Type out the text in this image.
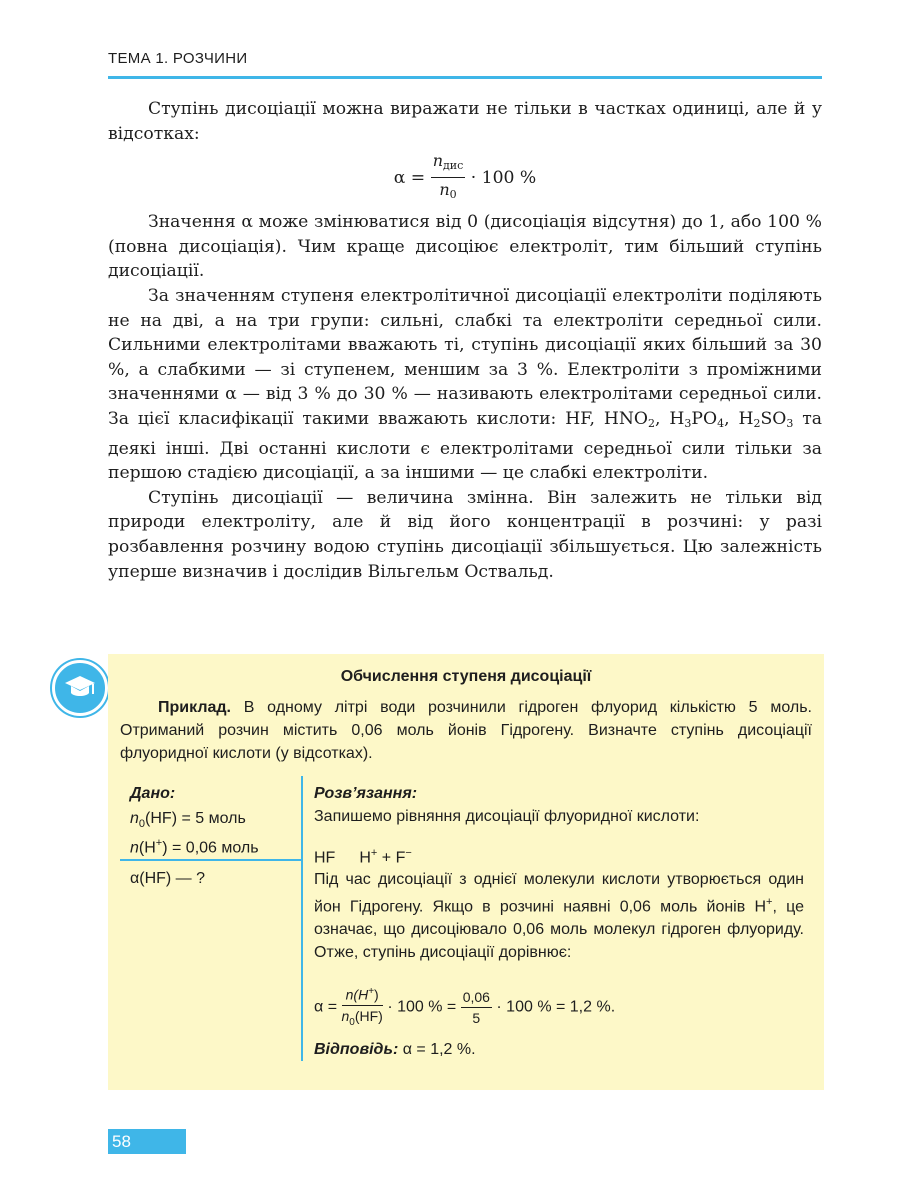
ТЕМА 1. РОЗЧИНИ

Ступінь дисоціації можна виражати не тільки в частках одиниці, але й у відсотках:

$\alpha = \frac{n_{дис}}{n_0} \cdot 100$ %

Значення α може змінюватися від 0 (дисоціація відсутня) до 1, або 100 % (повна дисоціація). Чим краще дисоціює електроліт, тим більший ступінь дисоціації.

За значенням ступеня електролітичної дисоціації електроліти поділяють не на дві, а на три групи: сильні, слабкі та електроліти середньої сили. Сильними електролітами вважають ті, ступінь дисоціації яких більший за 30 %, а слабкими — зі ступенем, меншим за 3 %. Електроліти з проміжними значеннями α — від 3 % до 30 % — називають електролітами середньої сили. За цієї класифікації такими вважають кислоти: HF, $HNO_2$, $H_3PO_4$, $H_2SO_3$ та деякі інші. Дві останні кислоти є електролітами середньої сили тільки за першою стадією дисоціації, а за іншими — це слабкі електроліти.

Ступінь дисоціації — величина змінна. Він залежить не тільки від природи електроліту, але й від його концентрації в розчині: у разі розбавлення розчину водою ступінь дисоціації збільшується. Цю залежність уперше визначив і дослідив Вільгельм Оствальд.

Обчислення ступеня дисоціації
Приклад. В одному літрі води розчинили гідроген флуорид кількістю 5 моль. Отриманий розчин містить 0,06 моль йонів Гідрогену. Визначте ступінь дисоціації флуоридної кислоти (у відсотках).
Дано:
$n_0(HF) = 5$ моль
n(H+) = 0,06 моль
α(HF) — ?
Розв’язання:
Запишемо рівняння дисоціації флуоридної кислоти:
HF H+ + F−
Під час дисоціації з однієї молекули кислоти утворюється один йон Гідрогену. Якщо в розчині наявні 0,06 моль йонів H+, це означає, що дисоціювало 0,06 моль молекул гідроген флуориду. Отже, ступінь дисоціації дорівнює:
$\alpha = \frac{n(H^+)}{n_0(HF)} \cdot 100$ % = $\frac{0,06}{5} \cdot 100$ % = 1,2 %.
Відповідь: α = 1,2 %.
58
